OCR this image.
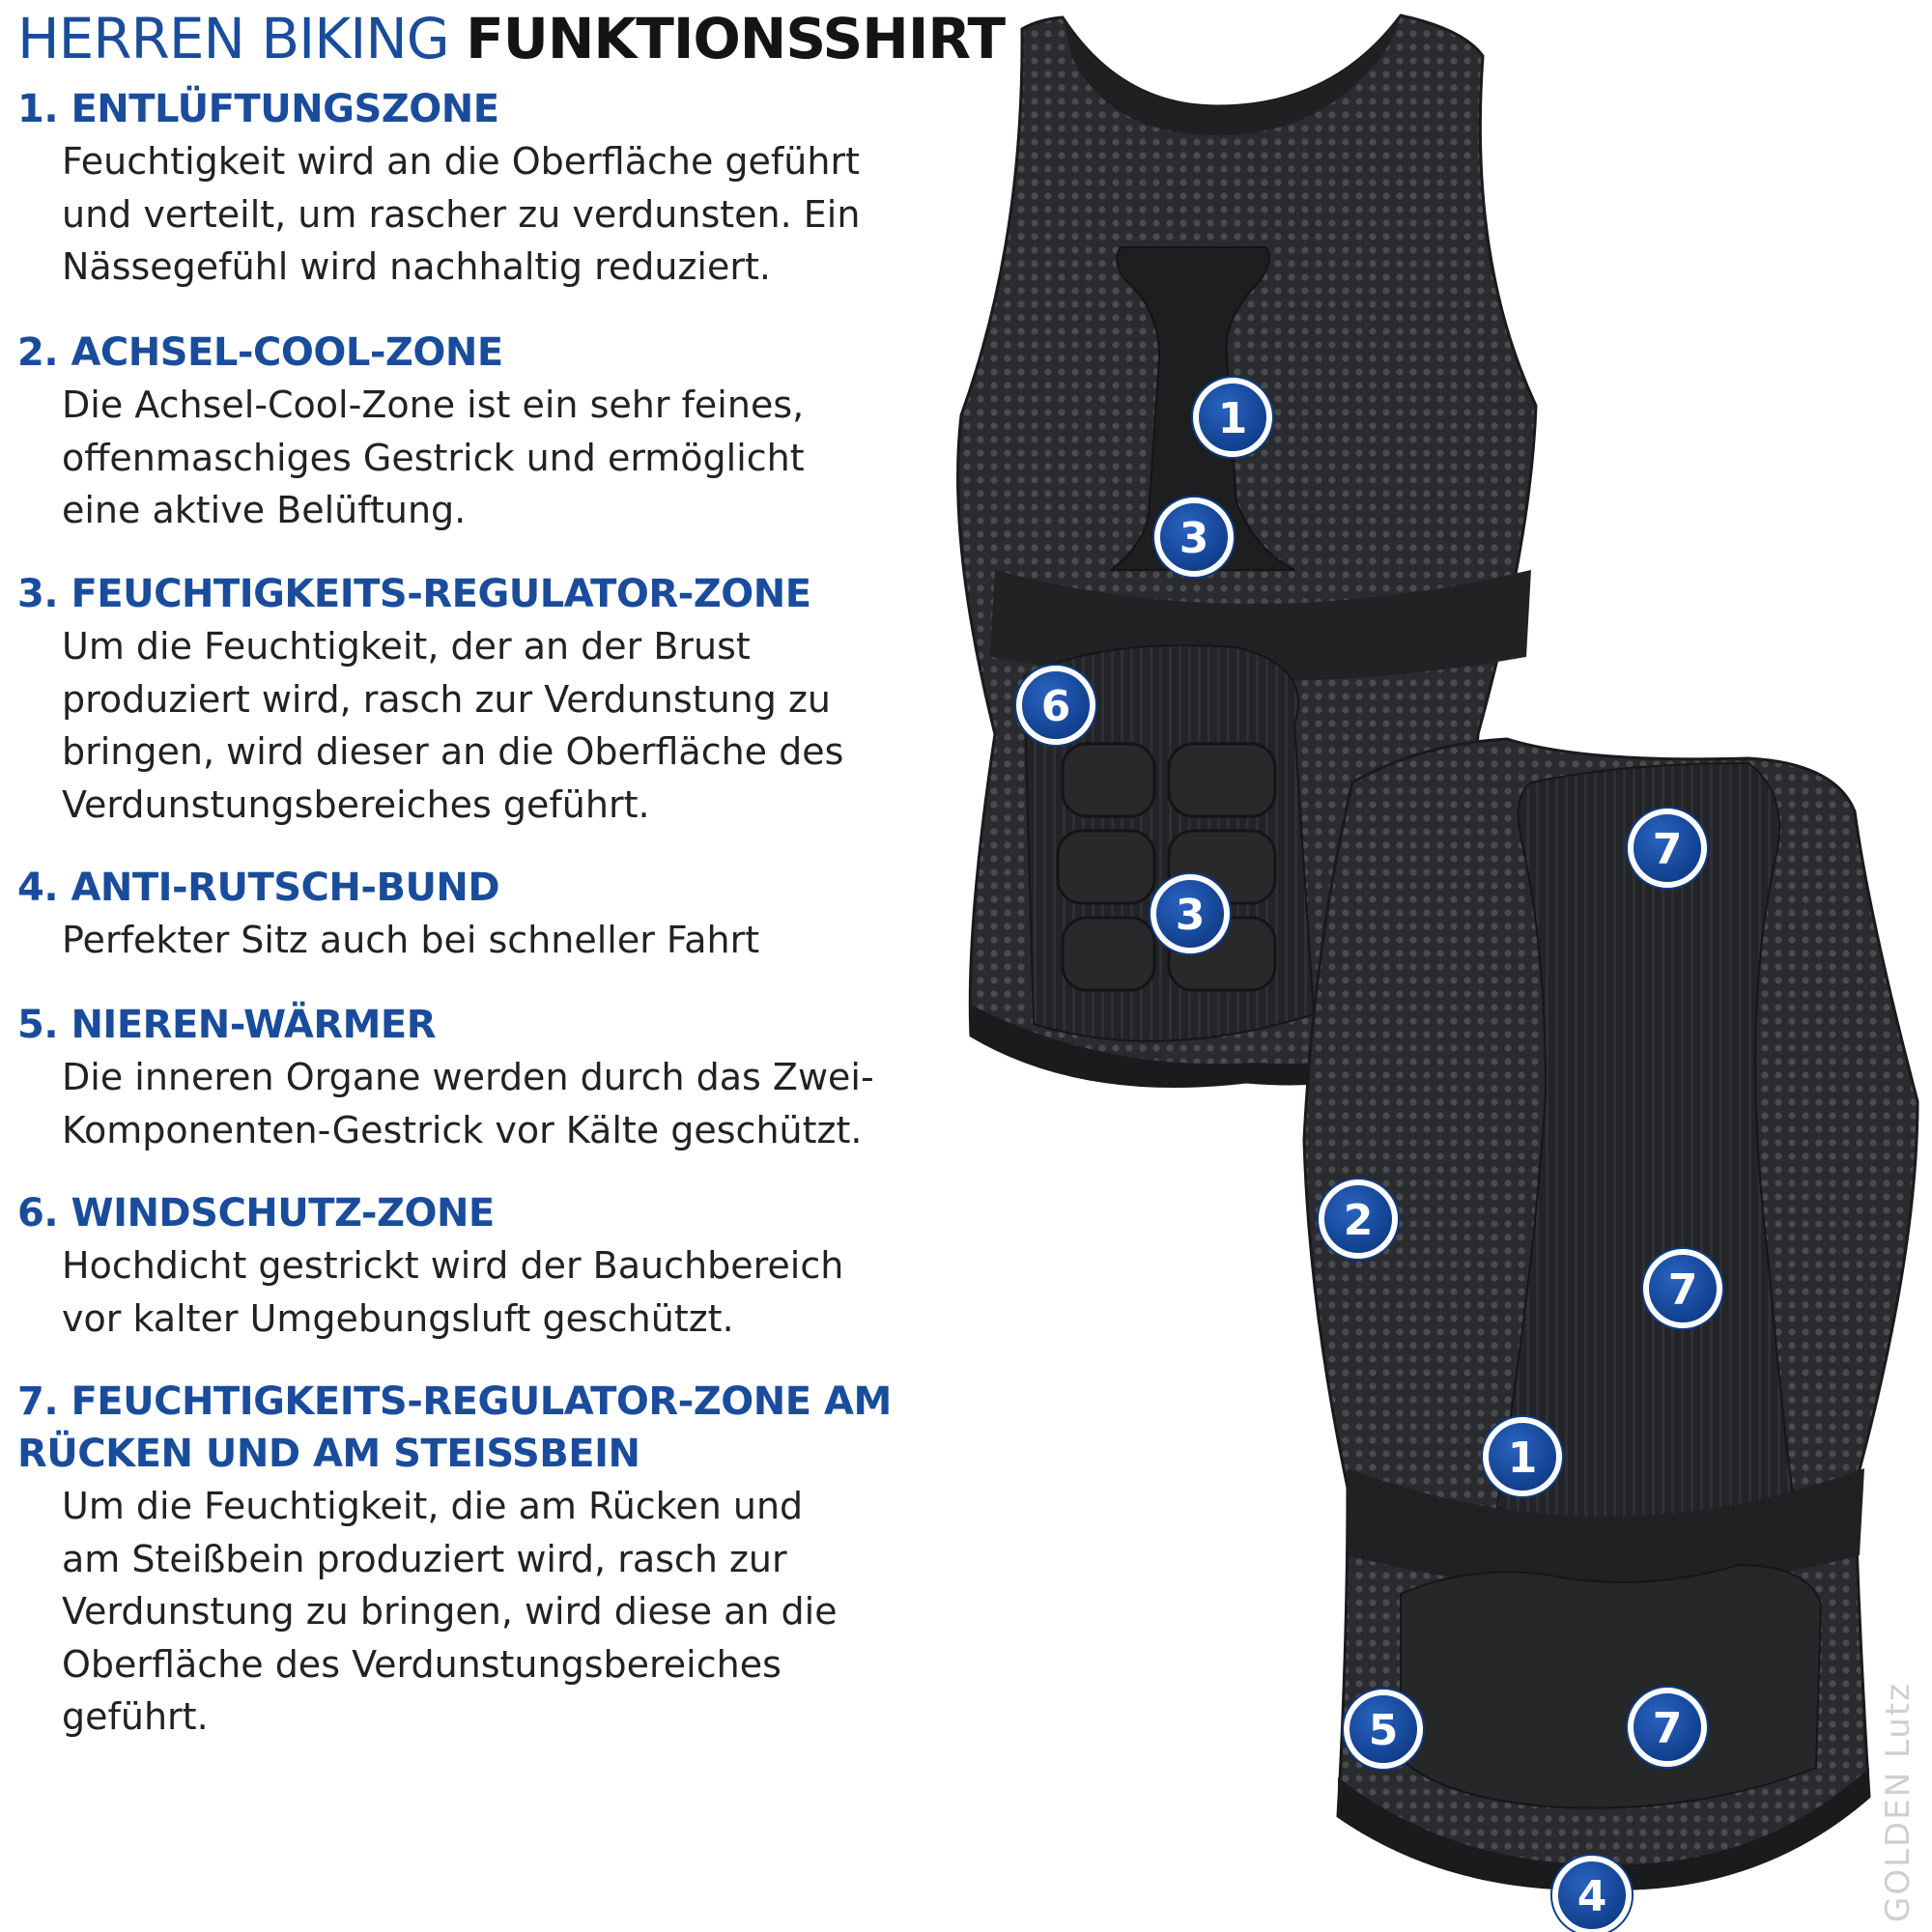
HERREN BIKING FUNKTIONSSHIRT
1. ENTLÜFTUNGSZONE
Feuchtigkeit wird an die Oberfläche geführt
und verteilt, um rascher zu verdunsten. Ein
Nässegefühl wird nachhaltig reduziert.
2. ACHSEL-COOL-ZONE
Die Achsel-Cool-Zone ist ein sehr feines,
offenmaschiges Gestrick und ermöglicht
eine aktive Belüftung.
3. FEUCHTIGKEITS-REGULATOR-ZONE
Um die Feuchtigkeit, der an der Brust
produziert wird, rasch zur Verdunstung zu
bringen, wird dieser an die Oberfläche des
Verdunstungsbereiches geführt.
4. ANTI-RUTSCH-BUND
Perfekter Sitz auch bei schneller Fahrt
5. NIEREN-WÄRMER
Die inneren Organe werden durch das Zwei-
Komponenten-Gestrick vor Kälte geschützt.
6. WINDSCHUTZ-ZONE
Hochdicht gestrickt wird der Bauchbereich
vor kalter Umgebungsluft geschützt.
7. FEUCHTIGKEITS-REGULATOR-ZONE AM
RÜCKEN UND AM STEISSBEIN
Um die Feuchtigkeit, die am Rücken und
am Steißbein produziert wird, rasch zur
Verdunstung zu bringen, wird diese an die
Oberfläche des Verdunstungsbereiches
geführt.
1
3
6
3
7
2
7
1
5	7
4	GOLDEN Lutz
